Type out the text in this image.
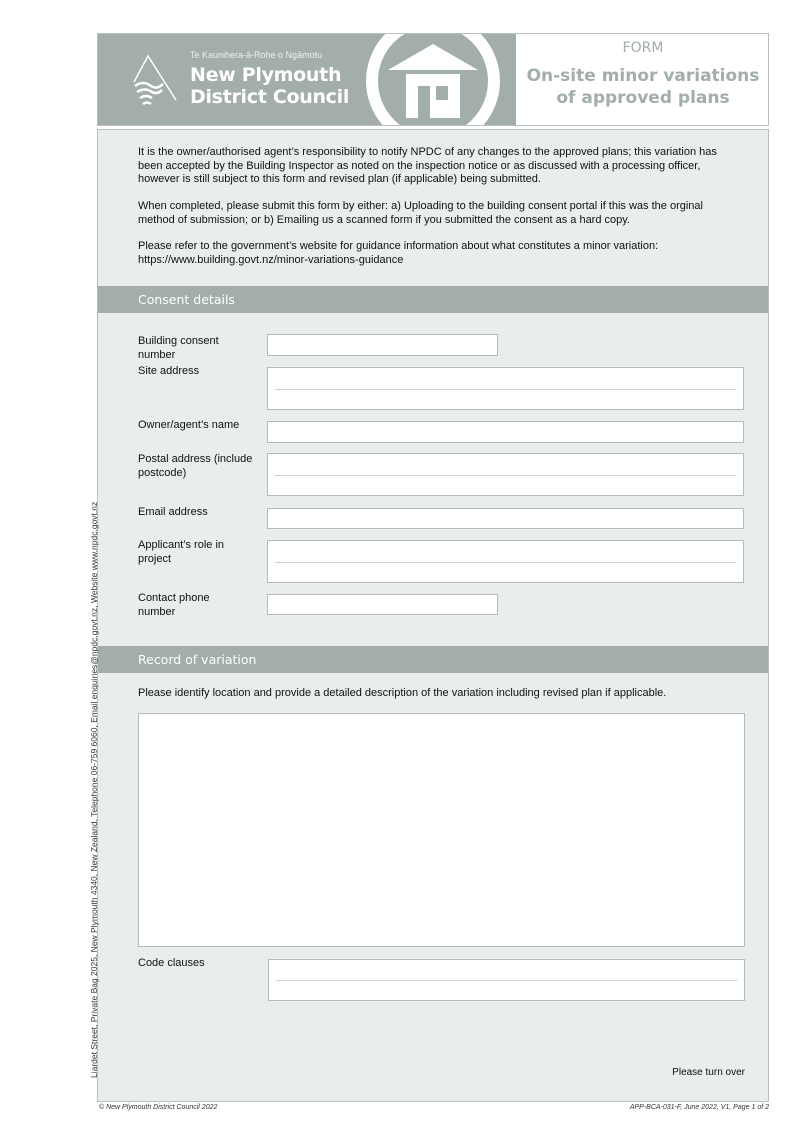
Te Kaunihera-ā-Rohe o Ngāmotu
New Plymouth
District Council
FORM
On-site minor variations
of approved plans
It is the owner/authorised agent’s responsibility to notify NPDC of any changes to the approved plans; this variation has been accepted by the Building Inspector as noted on the inspection notice or as discussed with a processing officer, however is still subject to this form and revised plan (if applicable) being submitted.
When completed, please submit this form by either: a) Uploading to the building consent portal if this was the orginal method of submission; or b) Emailing us a scanned form if you submitted the consent as a hard copy.
Please refer to the government’s website for guidance information about what constitutes a minor variation: https://www.building.govt.nz/minor-variations-guidance
Consent details
Building consent number
Site address
Owner/agent’s name
Postal address (include postcode)
Email address
Applicant’s role in project
Contact phone number
Record of variation
Please identify location and provide a detailed description of the variation including revised plan if applicable.
Code clauses
Please turn over
Liardet Street, Private Bag 2025, New Plymouth 4340, New Zealand. Telephone 06-759 6060, Email enquiries@npdc.govt.nz, Website www.npdc.govt.nz
© New Plymouth District Council 2022	APP-BCA-031-F, June 2022, V1, Page 1 of 2
